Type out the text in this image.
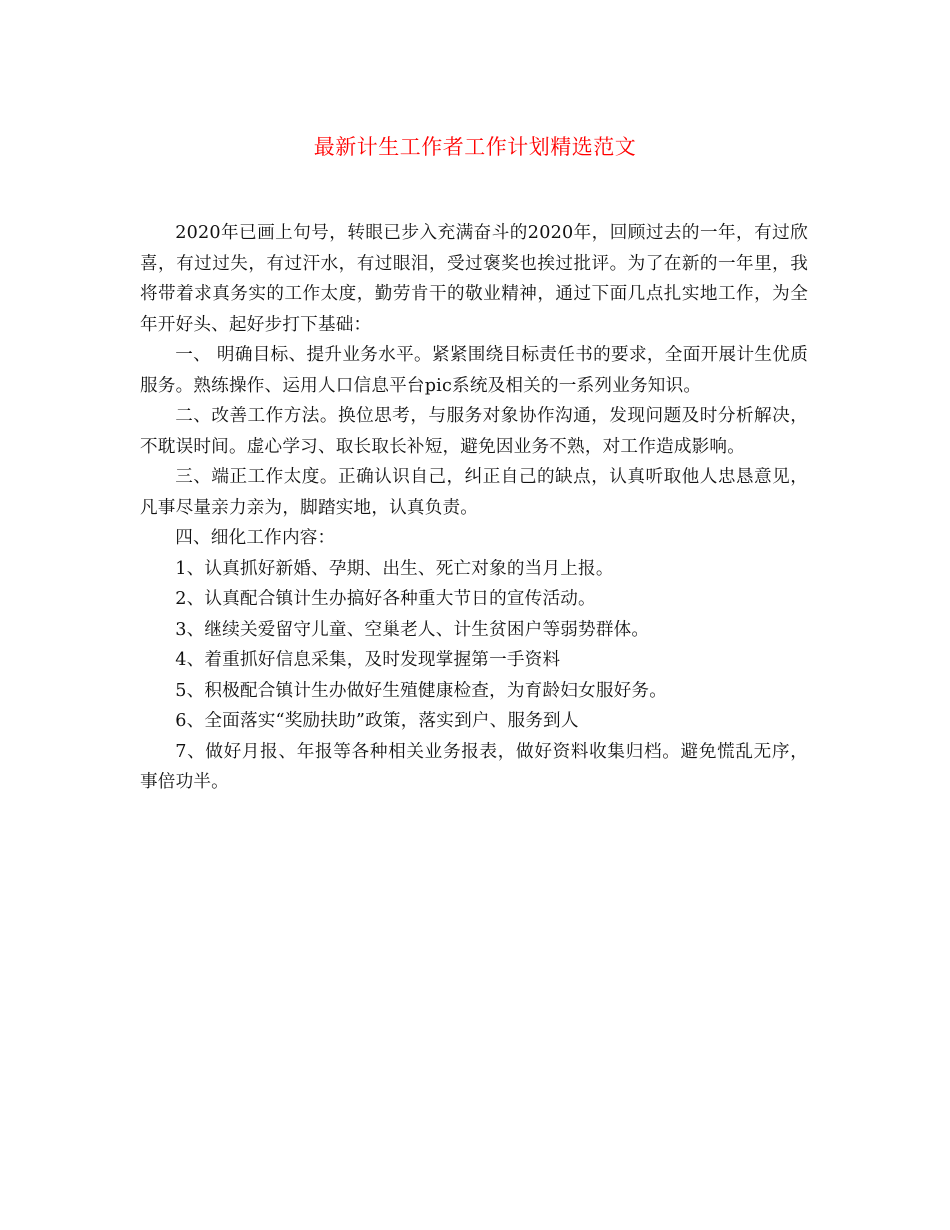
最新计生工作者工作计划精选范文

2020年已画上句号，转眼已步入充满奋斗的2020年，回顾过去的一年，有过欣喜，有过过失，有过汗水，有过眼泪，受过褒奖也挨过批评。为了在新的一年里，我将带着求真务实的工作太度，勤劳肯干的敬业精神，通过下面几点扎实地工作，为全年开好头、起好步打下基础：

一、 明确目标、提升业务水平。紧紧围绕目标责任书的要求，全面开展计生优质服务。熟练操作、运用人口信息平台pic系统及相关的一系列业务知识。

二、改善工作方法。换位思考，与服务对象协作沟通，发现问题及时分析解决，不耽误时间。虚心学习、取长取长补短，避免因业务不熟，对工作造成影响。

三、端正工作太度。正确认识自己，纠正自己的缺点，认真听取他人忠恳意见，凡事尽量亲力亲为，脚踏实地，认真负责。

四、细化工作内容：

1、认真抓好新婚、孕期、出生、死亡对象的当月上报。

2、认真配合镇计生办搞好各种重大节日的宣传活动。

3、继续关爱留守儿童、空巢老人、计生贫困户等弱势群体。

4、着重抓好信息采集，及时发现掌握第一手资料

5、积极配合镇计生办做好生殖健康检查，为育龄妇女服好务。

6、全面落实“奖励扶助”政策，落实到户、服务到人

7、做好月报、年报等各种相关业务报表，做好资料收集归档。避免慌乱无序，事倍功半。
